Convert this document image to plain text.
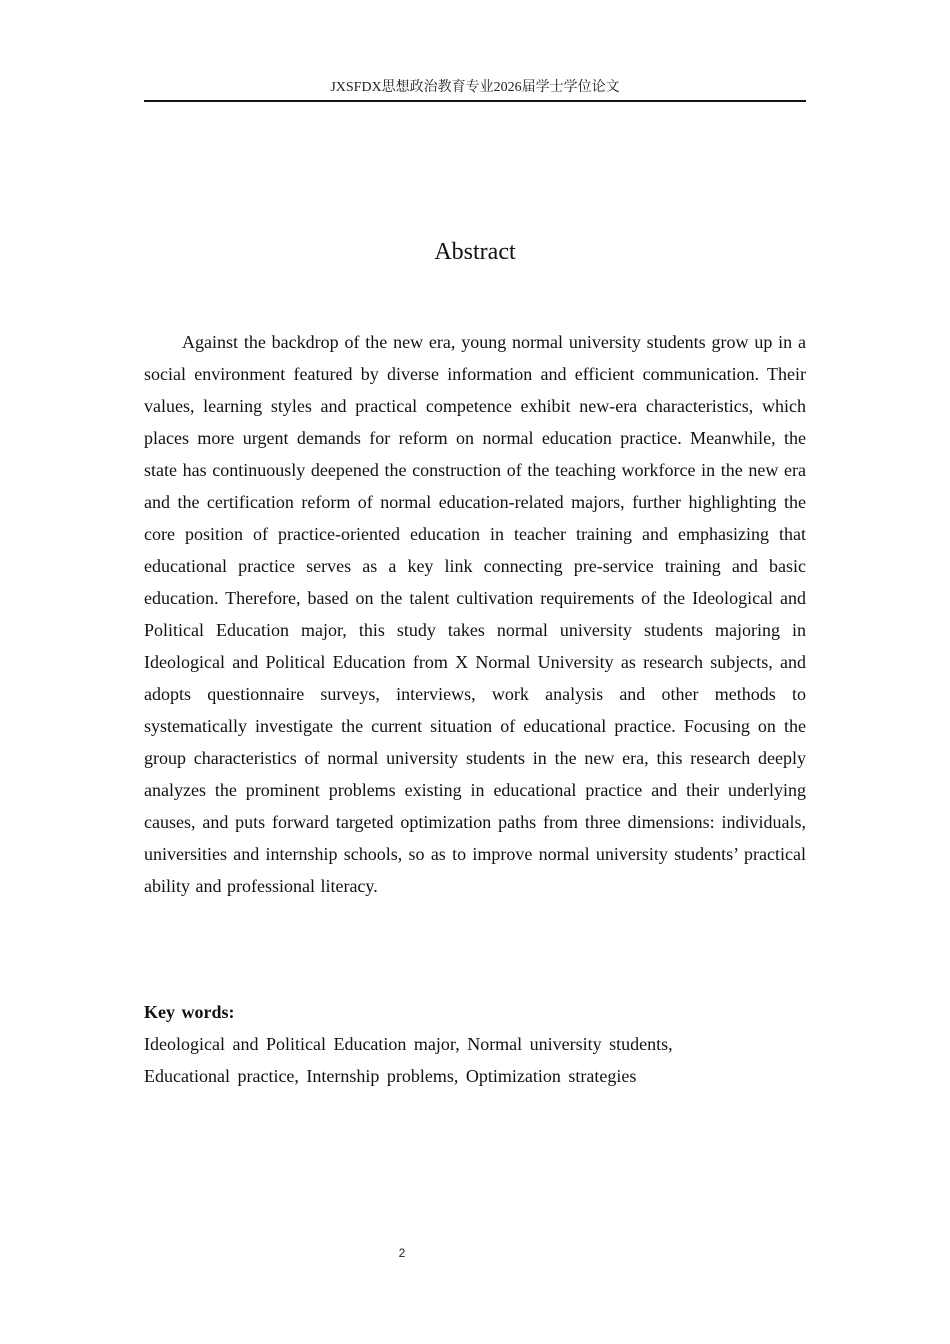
JXSFDX思想政治教育专业2026届学士学位论文
Abstract

Against the backdrop of the new era, young normal university students grow up in a social environment featured by diverse information and efficient communication. Their values, learning styles and practical competence exhibit new-era characteristics, which places more urgent demands for reform on normal education practice. Meanwhile, the state has continuously deepened the construction of the teaching workforce in the new era and the certification reform of normal education-related majors, further highlighting the core position of practice-oriented education in teacher training and emphasizing that educational practice serves as a key link connecting pre-service training and basic education. Therefore, based on the talent cultivation requirements of the Ideological and Political Education major, this study takes normal university students majoring in Ideological and Political Education from X Normal University as research subjects, and adopts questionnaire surveys, interviews, work analysis and other methods to systematically investigate the current situation of educational practice. Focusing on the group characteristics of normal university students in the new era, this research deeply analyzes the prominent problems existing in educational practice and their underlying causes, and puts forward targeted optimization paths from three dimensions: individuals, universities and internship schools, so as to improve normal university students’ practical ability and professional literacy.

Key words:
Ideological and Political Education major, Normal university students,
Educational practice, Internship problems, Optimization strategies
2
